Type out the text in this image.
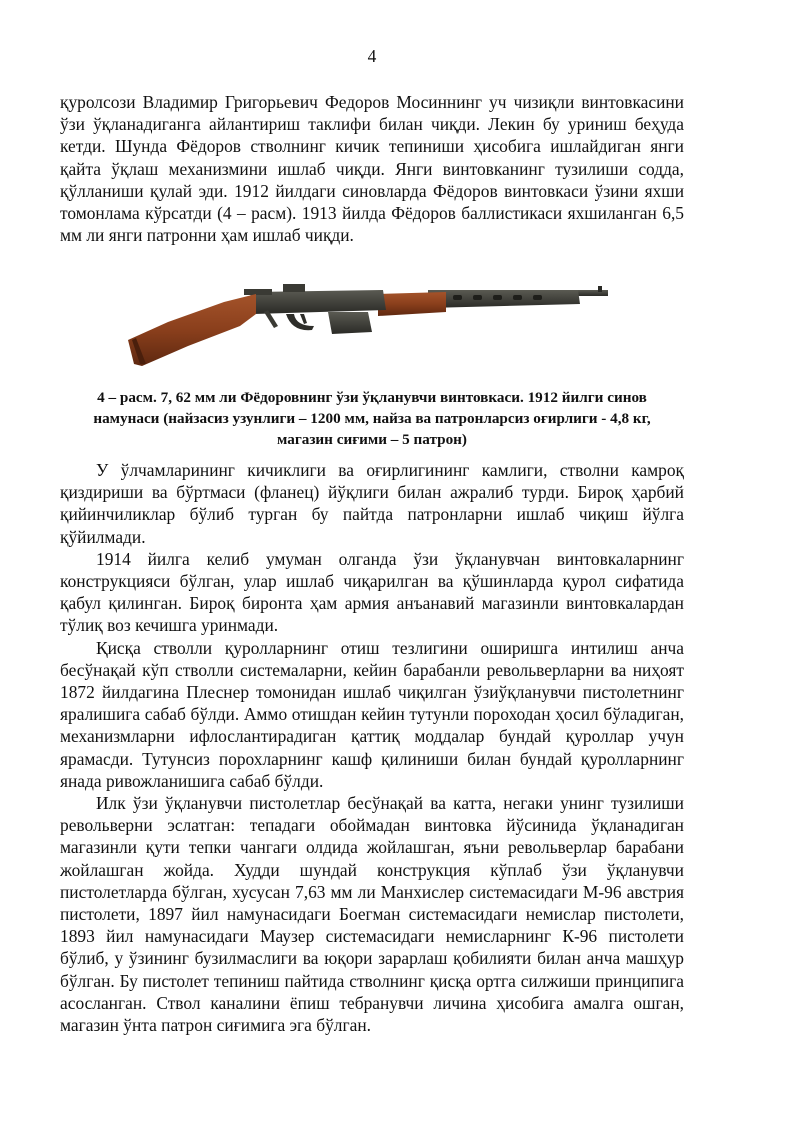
4

қуролсози Владимир Григорьевич Федоров Мосиннинг уч чизиқли винтовкасини ўзи ўқланадиганга айлантириш таклифи билан чиқди. Лекин бу уриниш беҳуда кетди. Шунда Фёдоров стволнинг кичик тепиниши ҳисобига ишлайдиган янги қайта ўқлаш механизмини ишлаб чиқди. Янги винтовканинг тузилиши содда, қўлланиши қулай эди. 1912 йилдаги синовларда Фёдоров винтовкаси ўзини яхши томонлама кўрсатди (4 – расм). 1913 йилда Фёдоров баллистикаси яхшиланган 6,5 мм ли янги патронни ҳам ишлаб чиқди.

4 – расм. 7, 62 мм ли Фёдоровнинг ўзи ўқланувчи винтовкаси. 1912 йилги синов
намунаси (найзасиз узунлиги – 1200 мм, найза ва патронларсиз оғирлиги - 4,8 кг,
магазин сиғими – 5 патрон)

У ўлчамларининг кичиклиги ва оғирлигининг камлиги, стволни камроқ қиздириши ва бўртмаси (фланец) йўқлиги билан ажралиб турди. Бироқ ҳарбий қийинчиликлар бўлиб турган бу пайтда патронларни ишлаб чиқиш йўлга қўйилмади.

1914 йилга келиб умуман олганда ўзи ўқланувчан винтовкаларнинг конструкцияси бўлган, улар ишлаб чиқарилган ва қўшинларда қурол сифатида қабул қилинган. Бироқ биронта ҳам армия анъанавий магазинли винтовкалардан тўлиқ воз кечишга уринмади.

Қисқа стволли қуролларнинг отиш тезлигини оширишга интилиш анча бесўнақай кўп стволли системаларни, кейин барабанли револьверларни ва ниҳоят 1872 йилдагина Плеснер томонидан ишлаб чиқилган ўзиўқланувчи пистолетнинг яралишига сабаб бўлди. Аммо отишдан кейин тутунли пороходан ҳосил бўладиган, механизмларни ифлослантирадиган қаттиқ моддалар бундай қуроллар учун ярамасди. Тутунсиз порохларнинг кашф қилиниши билан бундай қуролларнинг янада ривожланишига сабаб бўлди.

Илк ўзи ўқланувчи пистолетлар бесўнақай ва катта, негаки унинг тузилиши револьверни эслатган: тепадаги обоймадан винтовка йўсинида ўқланадиган магазинли қути тепки чангаги олдида жойлашган, яъни револьверлар барабани жойлашган жойда. Худди шундай конструкция кўплаб ўзи ўқланувчи пистолетларда бўлган, хусусан 7,63 мм ли Манхислер системасидаги М-96 австрия пистолети, 1897 йил намунасидаги Боегман системасидаги немислар пистолети, 1893 йил намунасидаги Маузер системасидаги немисларнинг К-96 пистолети бўлиб, у ўзининг бузилмаслиги ва юқори зарарлаш қобилияти билан анча машҳур бўлган. Бу пистолет тепиниш пайтида стволнинг қисқа ортга силжиши принципига асосланган. Ствол каналини ёпиш тебранувчи личина ҳисобига амалга ошган, магазин ўнта патрон сиғимига эга бўлган.
